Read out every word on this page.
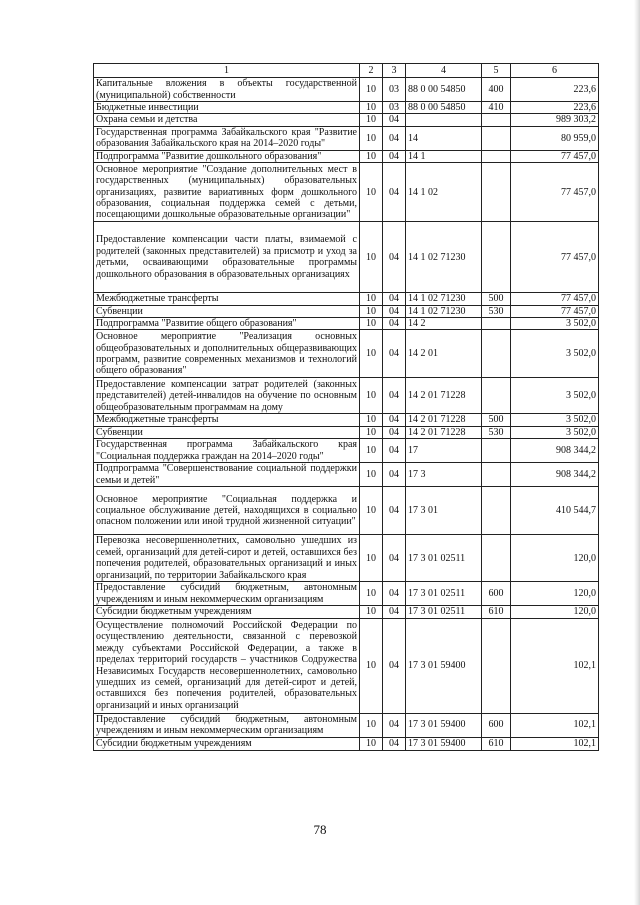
1	2	3	4	5	6
Капитальные вложения в объекты государственной (муниципальной) собственности	10	03	88 0 00 54850	400	223,6
Бюджетные инвестиции	10	03	88 0 00 54850	410	223,6
Охрана семьи и детства	10	04			989 303,2
Государственная программа Забайкальского края "Развитие образования Забайкальского края на 2014–2020 годы"	10	04	14		80 959,0
Подпрограмма "Развитие дошкольного образования"	10	04	14 1		77 457,0
Основное мероприятие "Создание дополнительных мест в государственных (муниципальных) образовательных организациях, развитие вариативных форм дошкольного образования, социальная поддержка семей с детьми, посещающими дошкольные образовательные организации"	10	04	14 1 02		77 457,0
Предоставление компенсации части платы, взимаемой с родителей (законных представителей) за присмотр и уход за детьми, осваивающими образовательные программы дошкольного образования в образовательных организациях	10	04	14 1 02 71230		77 457,0
Межбюджетные трансферты	10	04	14 1 02 71230	500	77 457,0
Субвенции	10	04	14 1 02 71230	530	77 457,0
Подпрограмма "Развитие общего образования"	10	04	14 2		3 502,0
Основное мероприятие "Реализация основных общеобразовательных и дополнительных общеразвивающих программ, развитие современных механизмов и технологий общего образования"	10	04	14 2 01		3 502,0
Предоставление компенсации затрат родителей (законных представителей) детей-инвалидов на обучение по основным общеобразовательным программам на дому	10	04	14 2 01 71228		3 502,0
Межбюджетные трансферты	10	04	14 2 01 71228	500	3 502,0
Субвенции	10	04	14 2 01 71228	530	3 502,0
Государственная программа Забайкальского края "Социальная поддержка граждан на 2014–2020 годы"	10	04	17		908 344,2
Подпрограмма "Совершенствование социальной поддержки семьи и детей"	10	04	17 3		908 344,2
Основное мероприятие "Социальная поддержка и социальное обслуживание детей, находящихся в социально опасном положении или иной трудной жизненной ситуации"	10	04	17 3 01		410 544,7
Перевозка несовершеннолетних, самовольно ушедших из семей, организаций для детей-сирот и детей, оставшихся без попечения родителей, образовательных организаций и иных организаций, по территории Забайкальского края	10	04	17 3 01 02511		120,0
Предоставление субсидий бюджетным, автономным учреждениям и иным некоммерческим организациям	10	04	17 3 01 02511	600	120,0
Субсидии бюджетным учреждениям	10	04	17 3 01 02511	610	120,0
Осуществление полномочий Российской Федерации по осуществлению деятельности, связанной с перевозкой между субъектами Российской Федерации, а также в пределах территорий государств – участников Содружества Независимых Государств несовершеннолетних, самовольно ушедших из семей, организаций для детей-сирот и детей, оставшихся без попечения родителей, образовательных организаций и иных организаций	10	04	17 3 01 59400		102,1
Предоставление субсидий бюджетным, автономным учреждениям и иным некоммерческим организациям	10	04	17 3 01 59400	600	102,1
Субсидии бюджетным учреждениям	10	04	17 3 01 59400	610	102,1
78
